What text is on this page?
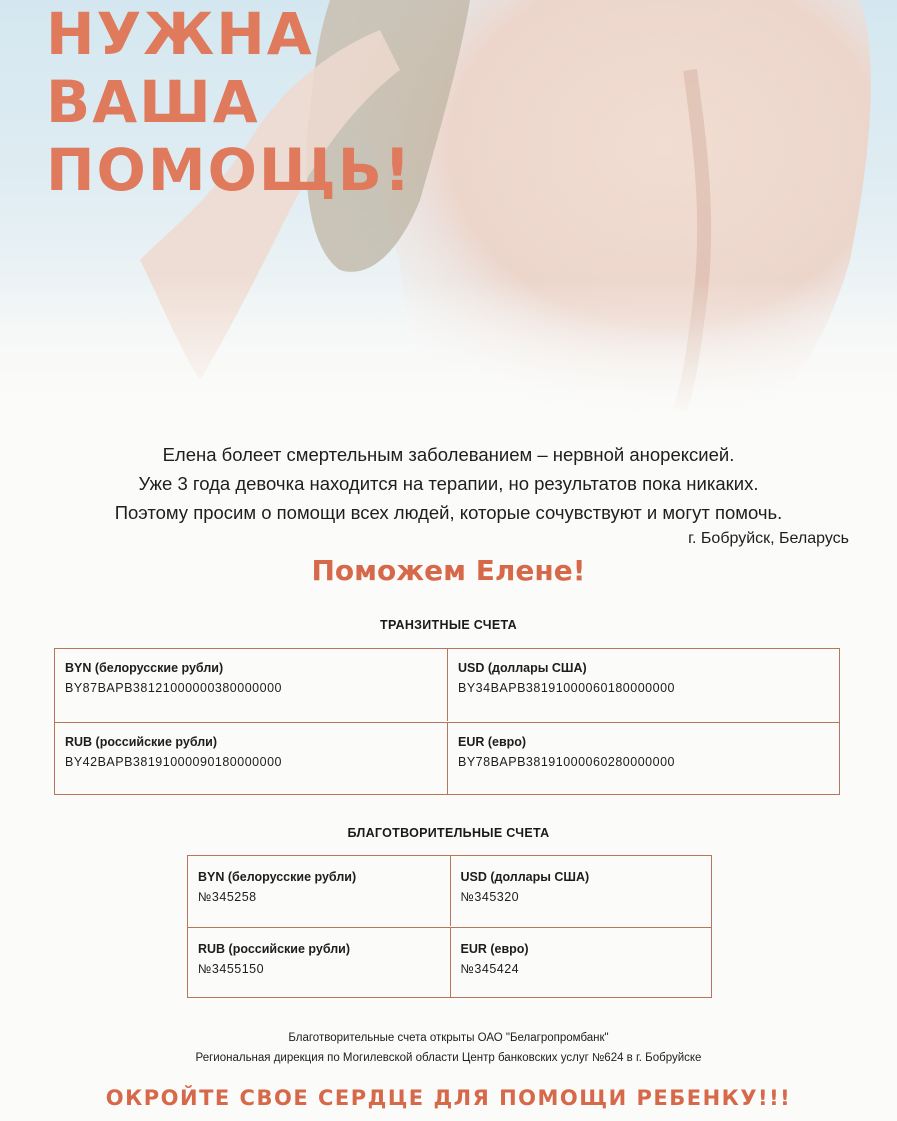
НУЖНА
ВАША
ПОМОЩЬ!
Елена болеет смертельным заболеванием – нервной анорексией.
Уже 3 года девочка находится на терапии, но результатов пока никаких.
Поэтому просим о помощи всех людей, которые сочувствуют и могут помочь.
г. Бобруйск, Беларусь
Поможем Елене!
ТРАНЗИТНЫЕ СЧЕТА
BYN (белорусские рубли)
BY87BAPB38121000000380000000
USD (доллары США)
BY34BAPB38191000060180000000
RUB (российские рубли)
BY42BAPB38191000090180000000
EUR (евро)
BY78BAPB38191000060280000000
БЛАГОТВОРИТЕЛЬНЫЕ СЧЕТА
BYN (белорусские рубли)
№345258
USD (доллары США)
№345320
RUB (российские рубли)
№3455150
EUR (евро)
№345424
Благотворительные счета открыты ОАО "Белагропромбанк"
Региональная дирекция по Могилевской области Центр банковских услуг №624 в г. Бобруйске
ОКРОЙТЕ СВОЕ СЕРДЦЕ ДЛЯ ПОМОЩИ РЕБЕНКУ!!!
